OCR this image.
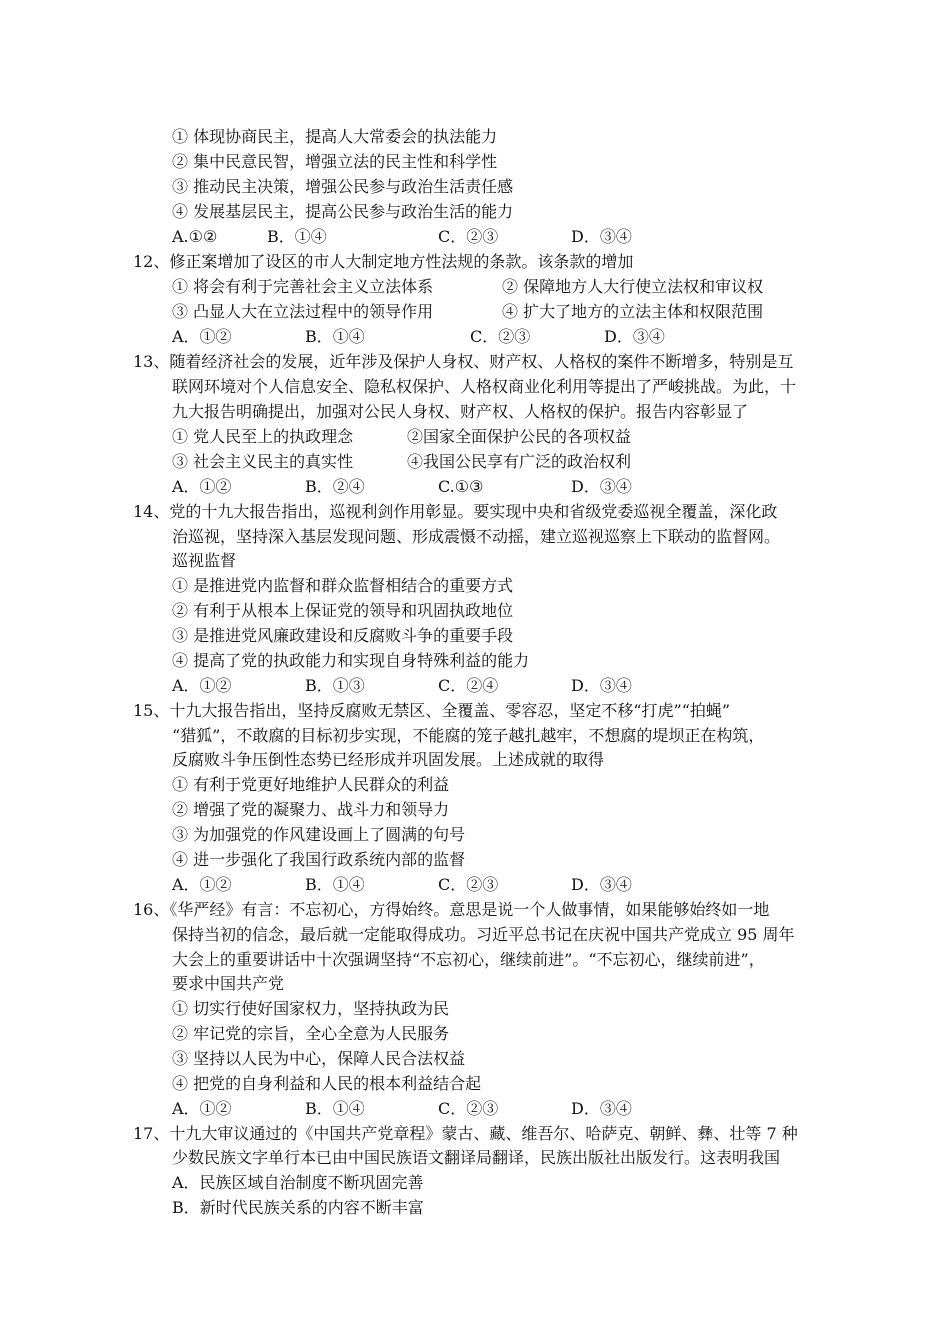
① 体现协商民主，提高人大常委会的执法能力
② 集中民意民智，增强立法的民主性和科学性
③ 推动民主决策，增强公民参与政治生活责任感
④ 发展基层民主，提高公民参与政治生活的能力
A.①②	B．①④	C．②③	D．③④
12、修正案增加了设区的市人大制定地方性法规的条款。该条款的增加
① 将会有利于完善社会主义立法体系	② 保障地方人大行使立法权和审议权
③ 凸显人大在立法过程中的领导作用	④ 扩大了地方的立法主体和权限范围
A．①②	B．①④	C．②③	D．③④
13、随着经济社会的发展，近年涉及保护人身权、财产权、人格权的案件不断增多，特别是互
联网环境对个人信息安全、隐私权保护、人格权商业化利用等提出了严峻挑战。为此，十
九大报告明确提出，加强对公民人身权、财产权、人格权的保护。报告内容彰显了
① 党人民至上的执政理念	②国家全面保护公民的各项权益
③ 社会主义民主的真实性	④我国公民享有广泛的政治权利
A．①②	B．②④	C.①③	D．③④
14、党的十九大报告指出，巡视利剑作用彰显。要实现中央和省级党委巡视全覆盖，深化政
治巡视，坚持深入基层发现问题、形成震慑不动摇，建立巡视巡察上下联动的监督网。
巡视监督
① 是推进党内监督和群众监督相结合的重要方式
② 有利于从根本上保证党的领导和巩固执政地位
③ 是推进党风廉政建设和反腐败斗争的重要手段
④ 提高了党的执政能力和实现自身特殊利益的能力
A．①②	B．①③	C．②④	D．③④
15、十九大报告指出，坚持反腐败无禁区、全覆盖、零容忍，坚定不移“打虎”“拍蝇”
“猎狐”，不敢腐的目标初步实现，不能腐的笼子越扎越牢，不想腐的堤坝正在构筑，
反腐败斗争压倒性态势已经形成并巩固发展。上述成就的取得
① 有利于党更好地维护人民群众的利益
② 增强了党的凝聚力、战斗力和领导力
③ 为加强党的作风建设画上了圆满的句号
④ 进一步强化了我国行政系统内部的监督
A．①②	B．①④	C．②③	D．③④
16、《华严经》有言：不忘初心，方得始终。意思是说一个人做事情，如果能够始终如一地
保持当初的信念，最后就一定能取得成功。习近平总书记在庆祝中国共产党成立 95 周年
大会上的重要讲话中十次强调坚持“不忘初心，继续前进”。“不忘初心，继续前进”，
要求中国共产党
① 切实行使好国家权力，坚持执政为民
② 牢记党的宗旨，全心全意为人民服务
③ 坚持以人民为中心，保障人民合法权益
④ 把党的自身利益和人民的根本利益结合起
A．①②	B．①④	C．②③	D．③④
17、十九大审议通过的《中国共产党章程》蒙古、藏、维吾尔、哈萨克、朝鲜、彝、壮等 7 种
少数民族文字单行本已由中国民族语文翻译局翻译，民族出版社出版发行。这表明我国
A．民族区域自治制度不断巩固完善
B．新时代民族关系的内容不断丰富
